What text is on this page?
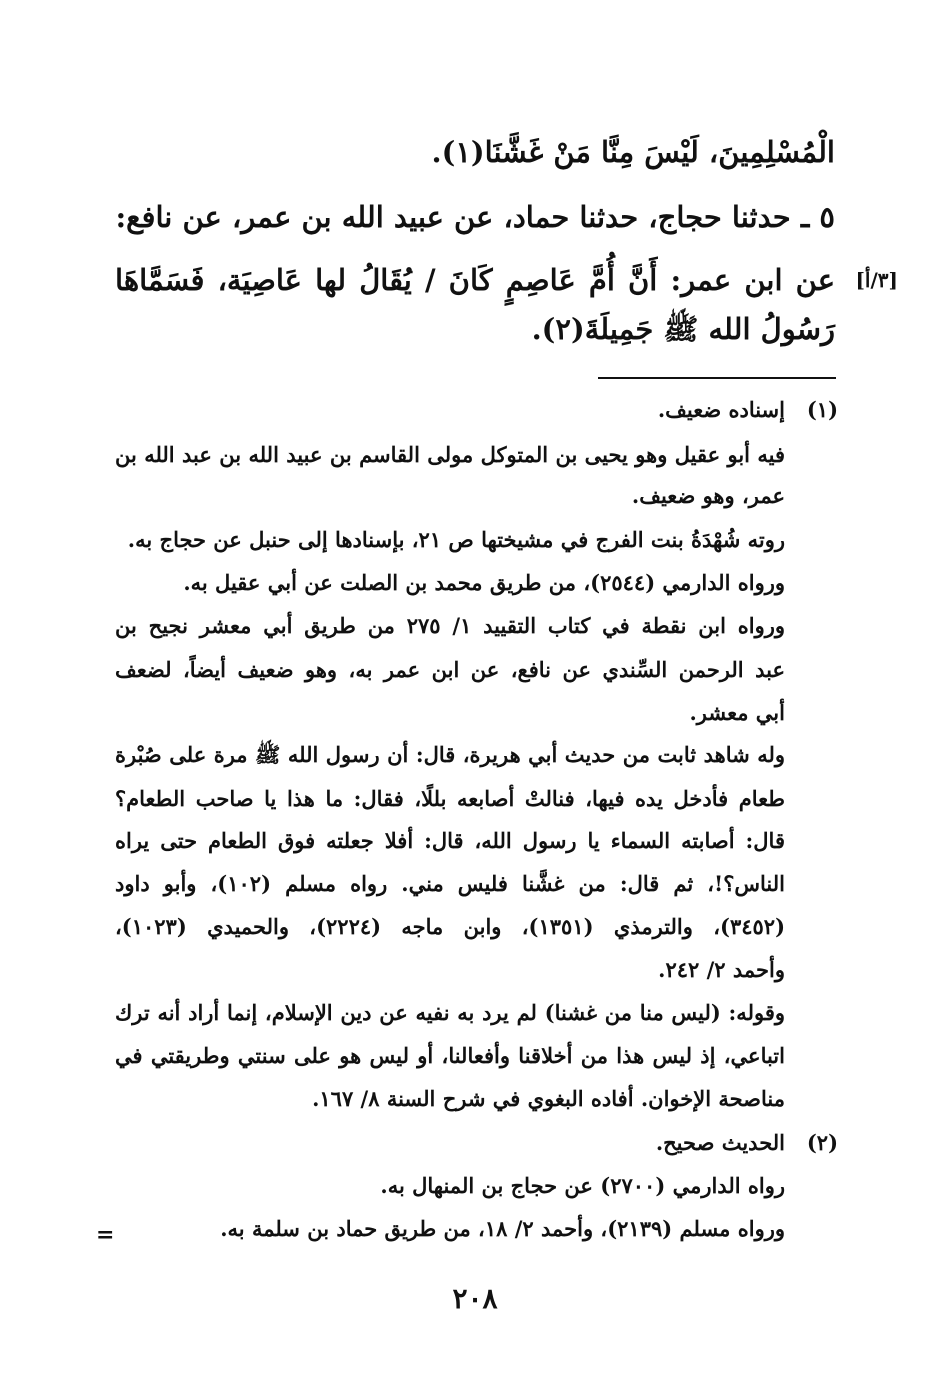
الْمُسْلِمِينَ، لَيْسَ مِنَّا مَنْ غَشَّنَا(١).
٥ ـ حدثنا حجاج، حدثنا حماد، عن عبيد الله بن عمر، عن نافع:
عن ابن عمر: أَنَّ أُمَّ عَاصِمٍ كَانَ / يُقَالُ لها عَاصِيَة، فَسَمَّاهَا
رَسُولُ الله ﷺ جَمِيلَةَ(٢).
[٣/أ]
(١)
إسناده ضعيف.
فيه أبو عقيل وهو يحيى بن المتوكل مولى القاسم بن عبيد الله بن عبد الله بن
عمر، وهو ضعيف.
روته شُهْدَةُ بنت الفرج في مشيختها ص ٢١، بإسنادها إلى حنبل عن حجاج به.
ورواه الدارمي (٢٥٤٤)، من طريق محمد بن الصلت عن أبي عقيل به.
ورواه ابن نقطة في كتاب التقييد ١/ ٢٧٥ من طريق أبي معشر نجيح بن
عبد الرحمن السِّندي عن نافع، عن ابن عمر به، وهو ضعيف أيضاً، لضعف
أبي معشر.
وله شاهد ثابت من حديث أبي هريرة، قال: أن رسول الله ﷺ مرة على صُبْرة
طعام فأدخل يده فيها، فنالتْ أصابعه بللًا، فقال: ما هذا يا صاحب الطعام؟
قال: أصابته السماء يا رسول الله، قال: أفلا جعلته فوق الطعام حتى يراه
الناس؟!، ثم قال: من غشَّنا فليس مني. رواه مسلم (١٠٢)، وأبو داود
(٣٤٥٢)، والترمذي (١٣٥١)، وابن ماجه (٢٢٢٤)، والحميدي (١٠٢٣)،
وأحمد ٢/ ٢٤٢.
وقوله: (ليس منا من غشنا) لم يرد به نفيه عن دين الإسلام، إنما أراد أنه ترك
اتباعي، إذ ليس هذا من أخلاقنا وأفعالنا، أو ليس هو على سنتي وطريقتي في
مناصحة الإخوان. أفاده البغوي في شرح السنة ٨/ ١٦٧.
(٢)
الحديث صحيح.
رواه الدارمي (٢٧٠٠) عن حجاج بن المنهال به.
ورواه مسلم (٢١٣٩)، وأحمد ٢/ ١٨، من طريق حماد بن سلمة به.
=
٢٠٨
